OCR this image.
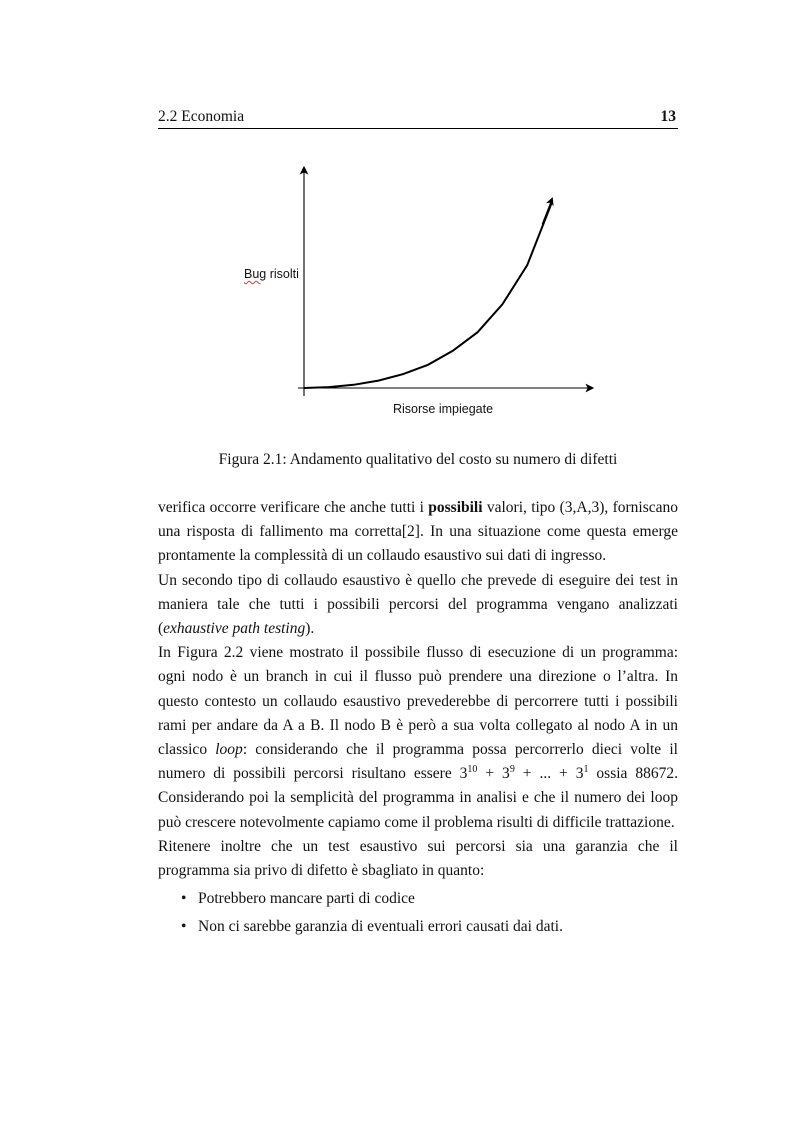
2.2 Economia	13
Bug risolti
Risorse impiegate
Figura 2.1: Andamento qualitativo del costo su numero di difetti

verifica occorre verificare che anche tutti i possibili valori, tipo (3,A,3), forniscano una risposta di fallimento ma corretta[2]. In una situazione come questa emerge prontamente la complessità di un collaudo esaustivo sui dati di ingresso.

Un secondo tipo di collaudo esaustivo è quello che prevede di eseguire dei test in maniera tale che tutti i possibili percorsi del programma vengano analizzati (exhaustive path testing).

In Figura 2.2 viene mostrato il possibile flusso di esecuzione di un programma: ogni nodo è un branch in cui il flusso può prendere una direzione o l’altra. In questo contesto un collaudo esaustivo prevederebbe di percorrere tutti i possibili rami per andare da A a B. Il nodo B è però a sua volta collegato al nodo A in un classico loop: considerando che il programma possa percorrerlo dieci volte il numero di possibili percorsi risultano essere $3^{10} + 3^9$ + ... + $3^1$ ossia 88672. Considerando poi la semplicità del programma in analisi e che il numero dei loop può crescere notevolmente capiamo come il problema risulti di difficile trattazione.

Ritenere inoltre che un test esaustivo sui percorsi sia una garanzia che il programma sia privo di difetto è sbagliato in quanto:

• Potrebbero mancare parti di codice
• Non ci sarebbe garanzia di eventuali errori causati dai dati.
